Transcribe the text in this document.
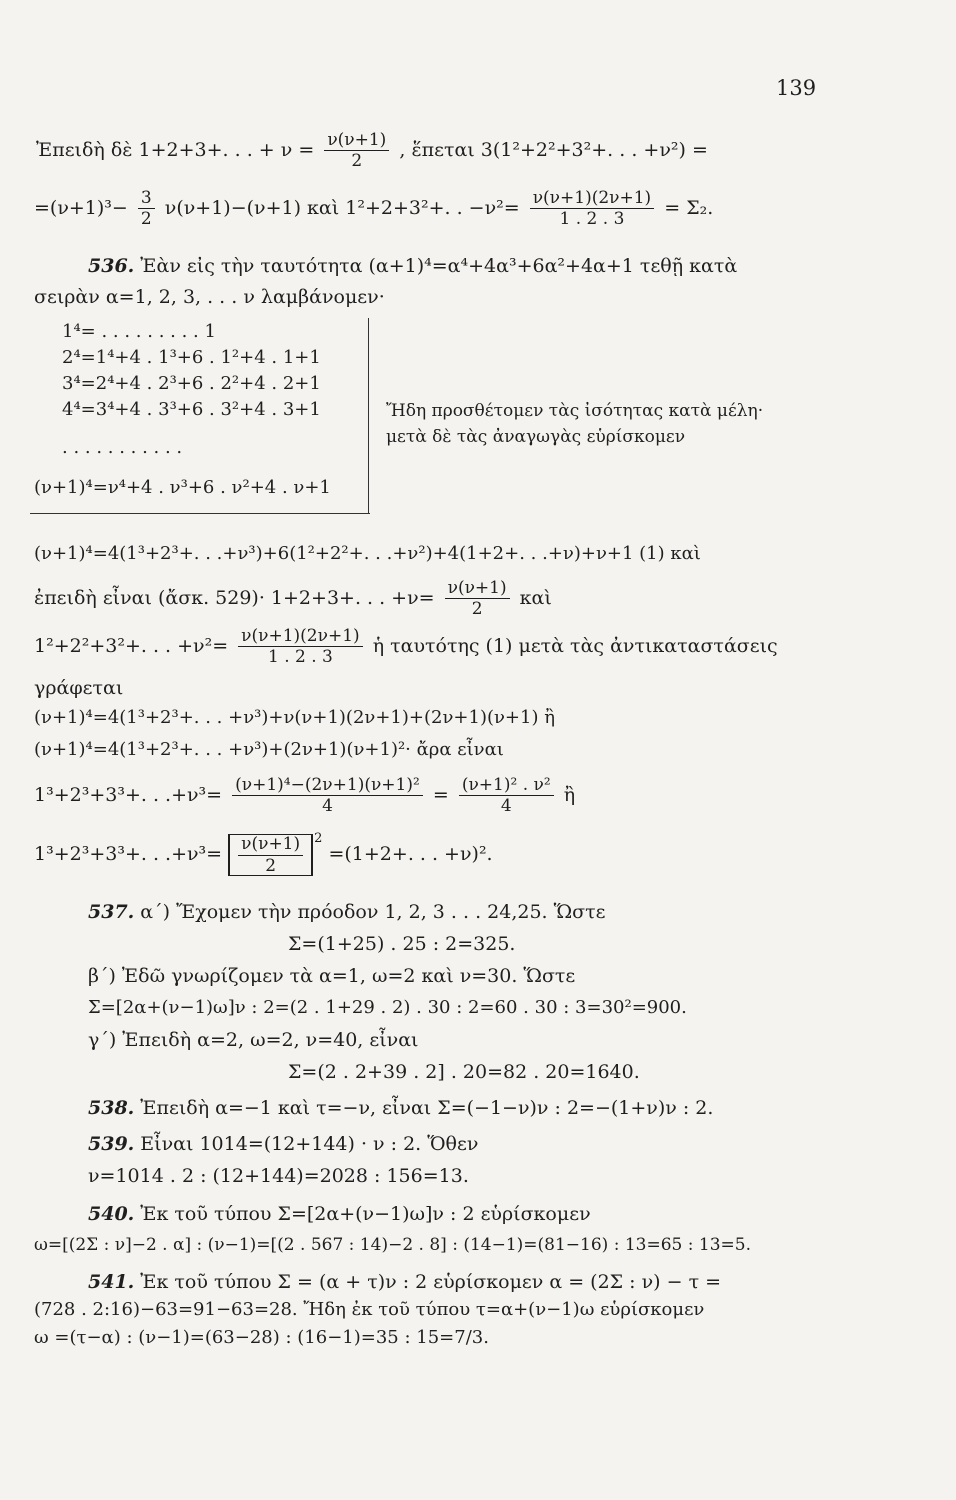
139
Ἐπειδὴ δὲ 1+2+3+. . . + $\nu = \frac{\nu(\nu+1)}{2}$ , ἕπεται 3(1²+2²+3²+. . . +ν²) =
$=(\nu+1)^3- \frac{3}{2} \nu(\nu+1)-(\nu+1)$ καὶ 1²+2+3²+. . $-\nu^2= \frac{\nu(\nu+1)(2\nu+1)}{1 . 2 . 3} = \Sigma_2$.
536. Ἐὰν εἰς τὴν ταυτότητα (α+1)⁴=α⁴+4α³+6α²+4α+1 τεθῇ κατὰ
σειρὰν α=1, 2, 3, . . . ν λαμβάνομεν·
1⁴= . . . . . . . . . 1
2⁴=1⁴+4 . 1³+6 . 1²+4 . 1+1
3⁴=2⁴+4 . 2³+6 . 2²+4 . 2+1
4⁴=3⁴+4 . 3³+6 . 3²+4 . 3+1
. . . . . . . . . . .
(ν+1)⁴=ν⁴+4 . ν³+6 . ν²+4 . ν+1
Ἤδη προσθέτομεν τὰς ἰσότητας κατὰ μέλη·
μετὰ δὲ τὰς ἀναγωγὰς εὑρίσκομεν
(ν+1)⁴=4(1³+2³+. . .+ν³)+6(1²+2²+. . .+ν²)+4(1+2+. . .+ν)+ν+1 (1) καὶ
ἐπειδὴ εἶναι (ἄσκ. 529)· 1+2+3+. . . $+\nu= \frac{\nu(\nu+1)}{2}$ καὶ
1²+2²+3²+. . . $+\nu^2= \frac{\nu(\nu+1)(2\nu+1)}{1 . 2 . 3}$ ἡ ταυτότης (1) μετὰ τὰς ἀντικαταστάσεις
γράφεται
(ν+1)⁴=4(1³+2³+. . . +ν³)+ν(ν+1)(2ν+1)+(2ν+1)(ν+1) ἢ
(ν+1)⁴=4(1³+2³+. . . +ν³)+(2ν+1)(ν+1)²· ἄρα εἶναι
1³+2³+3³+. . $.+\nu^3= \frac{\text{(ν+1)⁴−(2ν+1)(ν+1)²}}{4} = \frac{\text{(ν+1)² . ν²}}{4}$ ἢ
1³+2³+3³+. . $.+\nu^3= \frac{\nu(\nu+1)}{2} ^2 =(1+2+$. . . +ν)².
537. α΄) Ἔχομεν τὴν πρόοδον 1, 2, 3 . . . 24,25. Ὥστε
Σ=(1+25) . 25 : 2=325.
β΄) Ἐδῶ γνωρίζομεν τὰ α=1, ω=2 καὶ ν=30. Ὥστε
Σ=[2α+(ν−1)ω]ν : 2=(2 . 1+29 . 2) . 30 : 2=60 . 30 : 3=30²=900.
γ΄) Ἐπειδὴ α=2, ω=2, ν=40, εἶναι
Σ=(2 . 2+39 . 2] . 20=82 . 20=1640.
538. Ἐπειδὴ α=−1 καὶ τ=−ν, εἶναι Σ=(−1−ν)ν : 2=−(1+ν)ν : 2.
539. Εἶναι 1014=(12+144) · ν : 2. Ὅθεν
ν=1014 . 2 : (12+144)=2028 : 156=13.
540. Ἐκ τοῦ τύπου Σ=[2α+(ν−1)ω]ν : 2 εὑρίσκομεν
ω=[(2Σ : ν]−2 . α] : (ν−1)=[(2 . 567 : 14)−2 . 8] : (14−1)=(81−16) : 13=65 : 13=5.
541. Ἐκ τοῦ τύπου Σ = (α + τ)ν : 2 εὑρίσκομεν α = (2Σ : ν) − τ =
(728 . 2:16)−63=91−63=28. Ἤδη ἐκ τοῦ τύπου τ=α+(ν−1)ω εὑρίσκομεν
ω =(τ−α) : (ν−1)=(63−28) : (16−1)=35 : 15=7/3.
